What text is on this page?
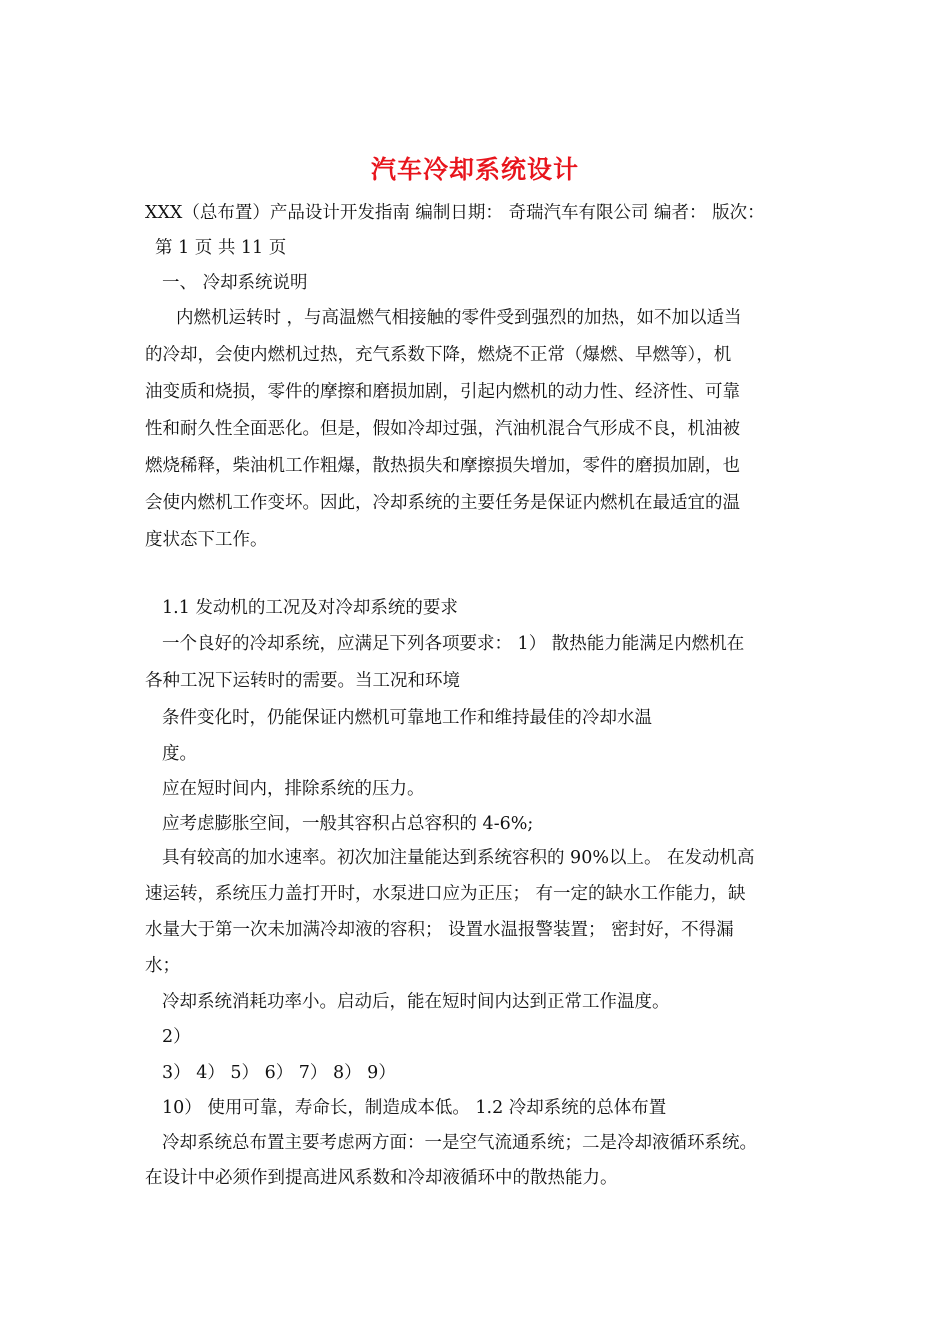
汽车冷却系统设计

XXX（总布置）产品设计开发指南 编制日期： 奇瑞汽车有限公司 编者： 版次：

第 1 页 共 11 页

一、 冷却系统说明

内燃机运转时 ，与高温燃气相接触的零件受到强烈的加热，如不加以适当

的冷却，会使内燃机过热，充气系数下降，燃烧不正常（爆燃、早燃等），机

油变质和烧损，零件的摩擦和磨损加剧，引起内燃机的动力性、经济性、可靠

性和耐久性全面恶化。但是，假如冷却过强，汽油机混合气形成不良，机油被

燃烧稀释，柴油机工作粗爆，散热损失和摩擦损失增加，零件的磨损加剧，也

会使内燃机工作变坏。因此，冷却系统的主要任务是保证内燃机在最适宜的温

度状态下工作。

1.1 发动机的工况及对冷却系统的要求

一个良好的冷却系统，应满足下列各项要求： 1） 散热能力能满足内燃机在

各种工况下运转时的需要。当工况和环境

条件变化时，仍能保证内燃机可靠地工作和维持最佳的冷却水温

度。

应在短时间内，排除系统的压力。

应考虑膨胀空间，一般其容积占总容积的 4-6%;

具有较高的加水速率。初次加注量能达到系统容积的 90%以上。 在发动机高

速运转，系统压力盖打开时，水泵进口应为正压； 有一定的缺水工作能力，缺

水量大于第一次未加满冷却液的容积； 设置水温报警装置； 密封好，不得漏

水；

冷却系统消耗功率小。启动后，能在短时间内达到正常工作温度。

2）

3） 4） 5） 6） 7） 8） 9）

10） 使用可靠，寿命长，制造成本低。 1.2 冷却系统的总体布置

冷却系统总布置主要考虑两方面：一是空气流通系统；二是冷却液循环系统。

在设计中必须作到提高进风系数和冷却液循环中的散热能力。
